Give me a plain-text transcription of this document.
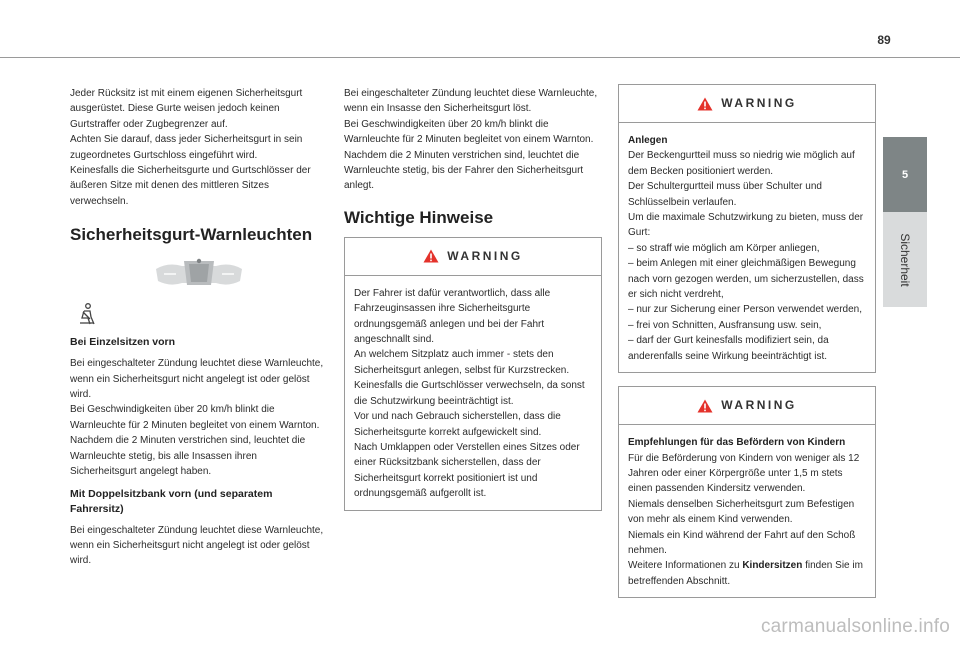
89
5
Sicherheit

Jeder Rücksitz ist mit einem eigenen Sicherheitsgurt ausgerüstet. Diese Gurte weisen jedoch keinen Gurtstraffer oder Zugbegrenzer auf.

Achten Sie darauf, dass jeder Sicherheitsgurt in sein zugeordnetes Gurtschloss eingeführt wird.

Keinesfalls die Sicherheitsgurte und Gurtschlösser der äußeren Sitze mit denen des mittleren Sitzes verwechseln.

Sicherheitsgurt-Warnleuchten
Bei Einzelsitzen vorn

Bei eingeschalteter Zündung leuchtet diese Warnleuchte, wenn ein Sicherheitsgurt nicht angelegt ist oder gelöst wird.

Bei Geschwindigkeiten über 20 km/h blinkt die Warnleuchte für 2 Minuten begleitet von einem Warnton.

Nachdem die 2 Minuten verstrichen sind, leuchtet die Warnleuchte stetig, bis alle Insassen ihren Sicherheitsgurt angelegt haben.

Mit Doppelsitzbank vorn (und separatem Fahrersitz)

Bei eingeschalteter Zündung leuchtet diese Warnleuchte, wenn ein Sicherheitsgurt nicht angelegt ist oder gelöst wird.

Bei eingeschalteter Zündung leuchtet diese Warnleuchte, wenn ein Insasse den Sicherheitsgurt löst.

Bei Geschwindigkeiten über 20 km/h blinkt die Warnleuchte für 2 Minuten begleitet von einem Warnton.

Nachdem die 2 Minuten verstrichen sind, leuchtet die Warnleuchte stetig, bis der Fahrer den Sicherheitsgurt anlegt.

Wichtige Hinweise
WARNING

Der Fahrer ist dafür verantwortlich, dass alle Fahrzeuginsassen ihre Sicherheitsgurte ordnungsgemäß anlegen und bei der Fahrt angeschnallt sind.

An welchem Sitzplatz auch immer - stets den Sicherheitsgurt anlegen, selbst für Kurzstrecken.

Keinesfalls die Gurtschlösser verwechseln, da sonst die Schutzwirkung beeinträchtigt ist.

Vor und nach Gebrauch sicherstellen, dass die Sicherheitsgurte korrekt aufgewickelt sind.

Nach Umklappen oder Verstellen eines Sitzes oder einer Rücksitzbank sicherstellen, dass der Sicherheitsgurt korrekt positioniert ist und ordnungsgemäß aufgerollt ist.

WARNING

Anlegen

Der Beckengurtteil muss so niedrig wie möglich auf dem Becken positioniert werden.

Der Schultergurtteil muss über Schulter und Schlüsselbein verlaufen.

Um die maximale Schutzwirkung zu bieten, muss der Gurt:

– so straff wie möglich am Körper anliegen,

– beim Anlegen mit einer gleichmäßigen Bewegung nach vorn gezogen werden, um sicherzustellen, dass er sich nicht verdreht,

– nur zur Sicherung einer Person verwendet werden,

– frei von Schnitten, Ausfransung usw. sein,

– darf der Gurt keinesfalls modifiziert sein, da anderenfalls seine Wirkung beeinträchtigt ist.

WARNING

Empfehlungen für das Befördern von Kindern

Für die Beförderung von Kindern von weniger als 12 Jahren oder einer Körpergröße unter 1,5 m stets einen passenden Kindersitz verwenden.

Niemals denselben Sicherheitsgurt zum Befestigen von mehr als einem Kind verwenden.

Niemals ein Kind während der Fahrt auf den Schoß nehmen.

Weitere Informationen zu Kindersitzen finden Sie im betreffenden Abschnitt.

carmanualsonline.info
